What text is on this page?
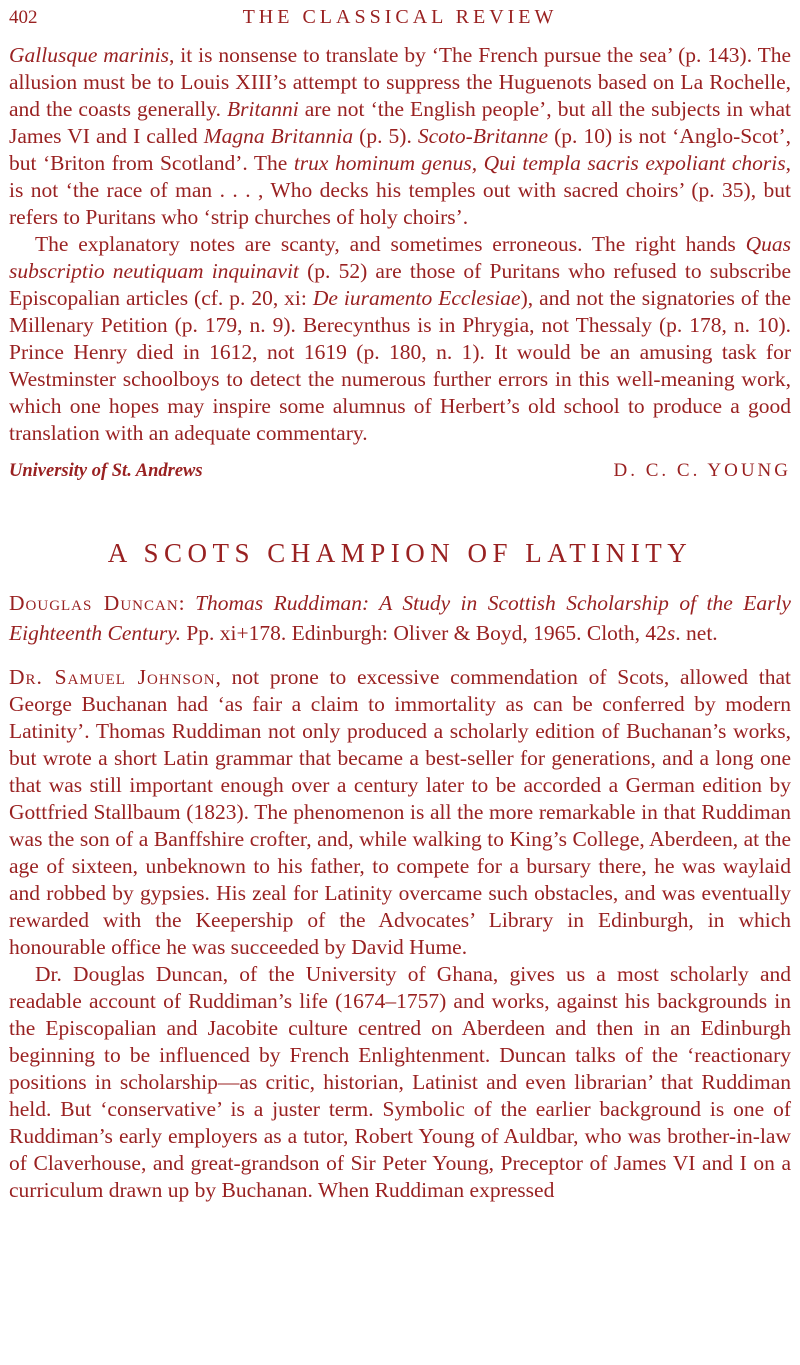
402	THE CLASSICAL REVIEW

Gallusque marinis, it is nonsense to translate by ‘The French pursue the sea’ (p. 143). The allusion must be to Louis XIII’s attempt to suppress the Huguenots based on La Rochelle, and the coasts generally. Britanni are not ‘the English people’, but all the subjects in what James VI and I called Magna Britannia (p. 5). Scoto-Britanne (p. 10) is not ‘Anglo-Scot’, but ‘Briton from Scotland’. The trux hominum genus, Qui templa sacris expoliant choris, is not ‘the race of man . . . , Who decks his temples out with sacred choirs’ (p. 35), but refers to Puritans who ‘strip churches of holy choirs’.

The explanatory notes are scanty, and sometimes erroneous. The right hands Quas subscriptio neutiquam inquinavit (p. 52) are those of Puritans who refused to subscribe Episcopalian articles (cf. p. 20, xi: De iuramento Ecclesiae), and not the signatories of the Millenary Petition (p. 179, n. 9). Berecynthus is in Phrygia, not Thessaly (p. 178, n. 10). Prince Henry died in 1612, not 1619 (p. 180, n. 1). It would be an amusing task for Westminster schoolboys to detect the numerous further errors in this well-meaning work, which one hopes may inspire some alumnus of Herbert’s old school to produce a good translation with an adequate commentary.

University of St. Andrews	D. C. C. YOUNG
A SCOTS CHAMPION OF LATINITY

Douglas Duncan: Thomas Ruddiman: A Study in Scottish Scholarship of the Early Eighteenth Century. Pp. xi+178. Edinburgh: Oliver & Boyd, 1965. Cloth, 42s. net.

Dr. Samuel Johnson, not prone to excessive commendation of Scots, allowed that George Buchanan had ‘as fair a claim to immortality as can be conferred by modern Latinity’. Thomas Ruddiman not only produced a scholarly edition of Buchanan’s works, but wrote a short Latin grammar that became a best-seller for generations, and a long one that was still important enough over a century later to be accorded a German edition by Gottfried Stallbaum (1823). The phenomenon is all the more remarkable in that Ruddiman was the son of a Banffshire crofter, and, while walking to King’s College, Aberdeen, at the age of sixteen, unbeknown to his father, to compete for a bursary there, he was waylaid and robbed by gypsies. His zeal for Latinity overcame such obstacles, and was eventually rewarded with the Keepership of the Advocates’ Library in Edinburgh, in which honourable office he was succeeded by David Hume.

Dr. Douglas Duncan, of the University of Ghana, gives us a most scholarly and readable account of Ruddiman’s life (1674–1757) and works, against his backgrounds in the Episcopalian and Jacobite culture centred on Aberdeen and then in an Edinburgh beginning to be influenced by French Enlightenment. Duncan talks of the ‘reactionary positions in scholarship—as critic, historian, Latinist and even librarian’ that Ruddiman held. But ‘conservative’ is a juster term. Symbolic of the earlier background is one of Ruddiman’s early employers as a tutor, Robert Young of Auldbar, who was brother-in-law of Claverhouse, and great-grandson of Sir Peter Young, Preceptor of James VI and I on a curriculum drawn up by Buchanan. When Ruddiman expressed
